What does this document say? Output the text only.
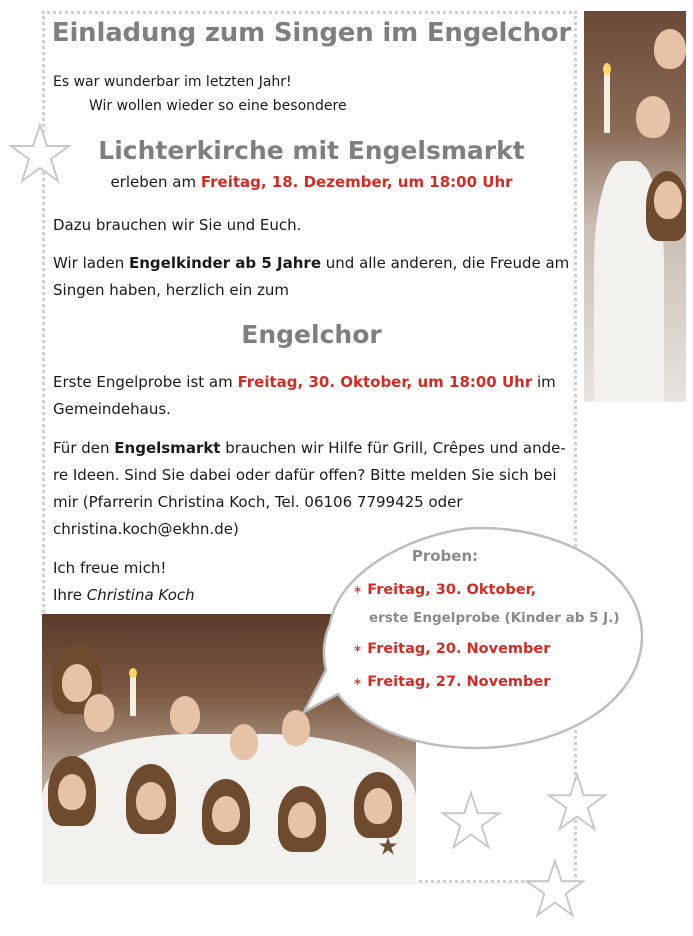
Einladung zum Singen im Engelchor
Es war wunderbar im letzten Jahr!
Wir wollen wieder so eine besondere
Lichterkirche mit Engelsmarkt
erleben am Freitag, 18. Dezember, um 18:00 Uhr
Dazu brauchen wir Sie und Euch.
Wir laden Engelkinder ab 5 Jahre und alle anderen, die Freude am
Singen haben, herzlich ein zum
Engelchor
Erste Engelprobe ist am Freitag, 30. Oktober, um 18:00 Uhr im
Gemeindehaus.
Für den Engelsmarkt brauchen wir Hilfe für Grill, Crêpes und ande-
re Ideen. Sind Sie dabei oder dafür offen? Bitte melden Sie sich bei
mir (Pfarrerin Christina Koch, Tel. 06106 7799425 oder
christina.koch@ekhn.de)
Ich freue mich!
Ihre Christina Koch
Proben:
∗ Freitag, 30. Oktober,
erste Engelprobe (Kinder ab 5 J.)
∗ Freitag, 20. November
∗ Freitag, 27. November
